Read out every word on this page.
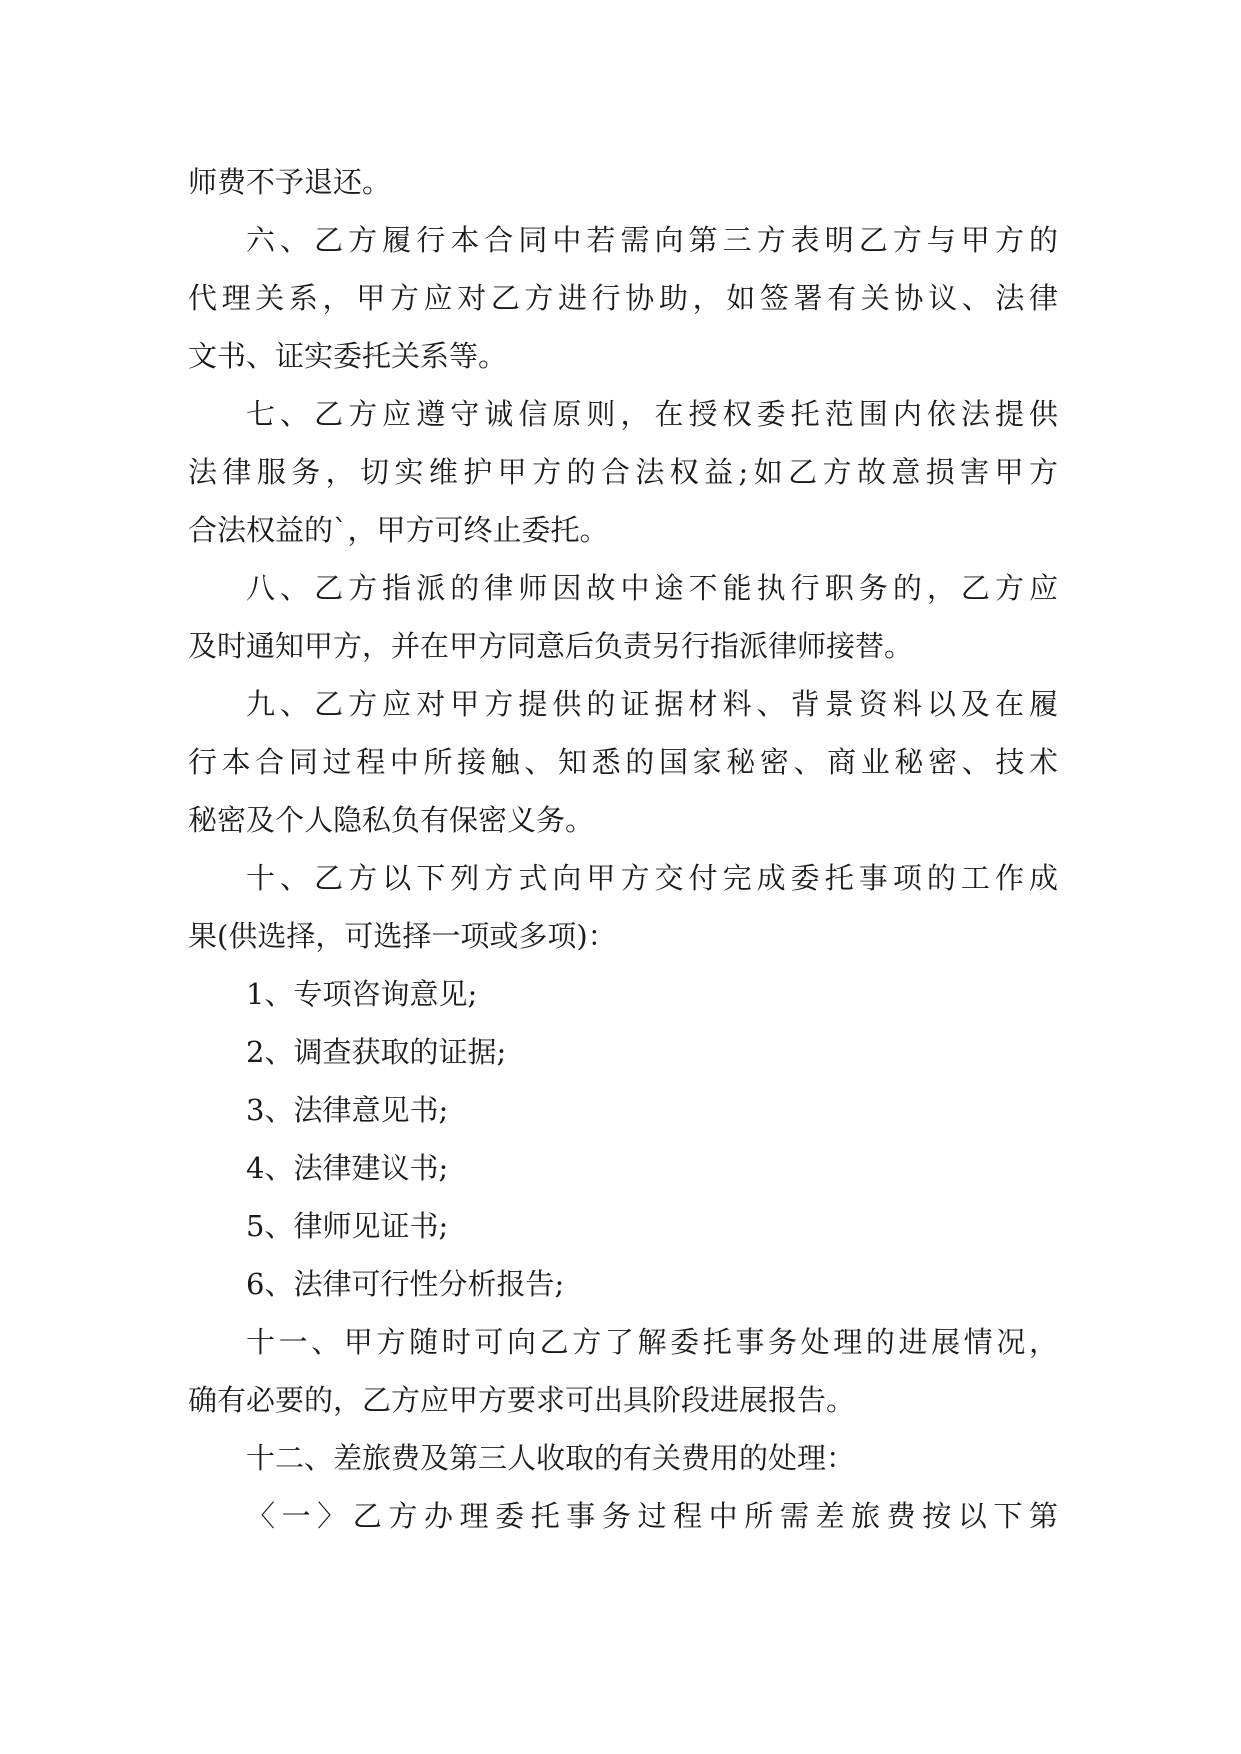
师费不予退还。
六、乙方履行本合同中若需向第三方表明乙方与甲方的
代理关系，甲方应对乙方进行协助，如签署有关协议、法律
文书、证实委托关系等。
七、乙方应遵守诚信原则，在授权委托范围内依法提供
法律服务，切实维护甲方的合法权益;如乙方故意损害甲方
合法权益的`，甲方可终止委托。
八、乙方指派的律师因故中途不能执行职务的，乙方应
及时通知甲方，并在甲方同意后负责另行指派律师接替。
九、乙方应对甲方提供的证据材料、背景资料以及在履
行本合同过程中所接触、知悉的国家秘密、商业秘密、技术
秘密及个人隐私负有保密义务。
十、乙方以下列方式向甲方交付完成委托事项的工作成
果(供选择，可选择一项或多项)：
1、专项咨询意见;
2、调查获取的证据;
3、法律意见书;
4、法律建议书;
5、律师见证书;
6、法律可行性分析报告;
十一、甲方随时可向乙方了解委托事务处理的进展情况，
确有必要的，乙方应甲方要求可出具阶段进展报告。
十二、差旅费及第三人收取的有关费用的处理：
〈一〉乙方办理委托事务过程中所需差旅费按以下第
